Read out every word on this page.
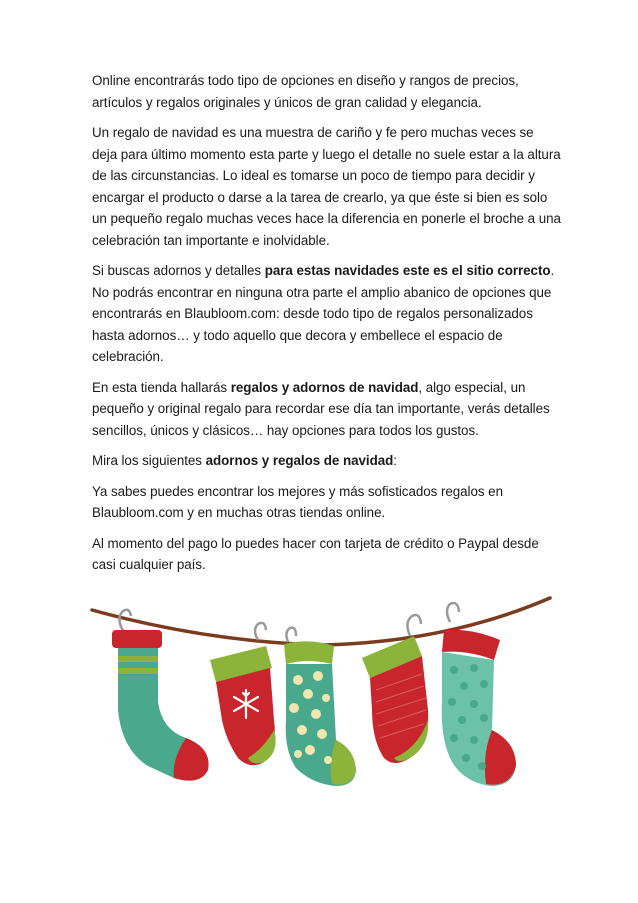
Online encontrarás todo tipo de opciones en diseño y rangos de precios, artículos y regalos originales y únicos de gran calidad y elegancia.

Un regalo de navidad es una muestra de cariño y fe pero muchas veces se deja para último momento esta parte y luego el detalle no suele estar a la altura de las circunstancias. Lo ideal es tomarse un poco de tiempo para decidir y encargar el producto o darse a la tarea de crearlo, ya que éste si bien es solo un pequeño regalo muchas veces hace la diferencia en ponerle el broche a una celebración tan importante e inolvidable.

Si buscas adornos y detalles para estas navidades este es el sitio correcto. No podrás encontrar en ninguna otra parte el amplio abanico de opciones que encontrarás en Blaubloom.com: desde todo tipo de regalos personalizados hasta adornos… y todo aquello que decora y embellece el espacio de celebración.

En esta tienda hallarás regalos y adornos de navidad, algo especial, un pequeño y original regalo para recordar ese día tan importante, verás detalles sencillos, únicos y clásicos… hay opciones para todos los gustos.

Mira los siguientes adornos y regalos de navidad:

Ya sabes puedes encontrar los mejores y más sofisticados regalos en Blaubloom.com y en muchas otras tiendas online.

Al momento del pago lo puedes hacer con tarjeta de crédito o Paypal desde casi cualquier país.
